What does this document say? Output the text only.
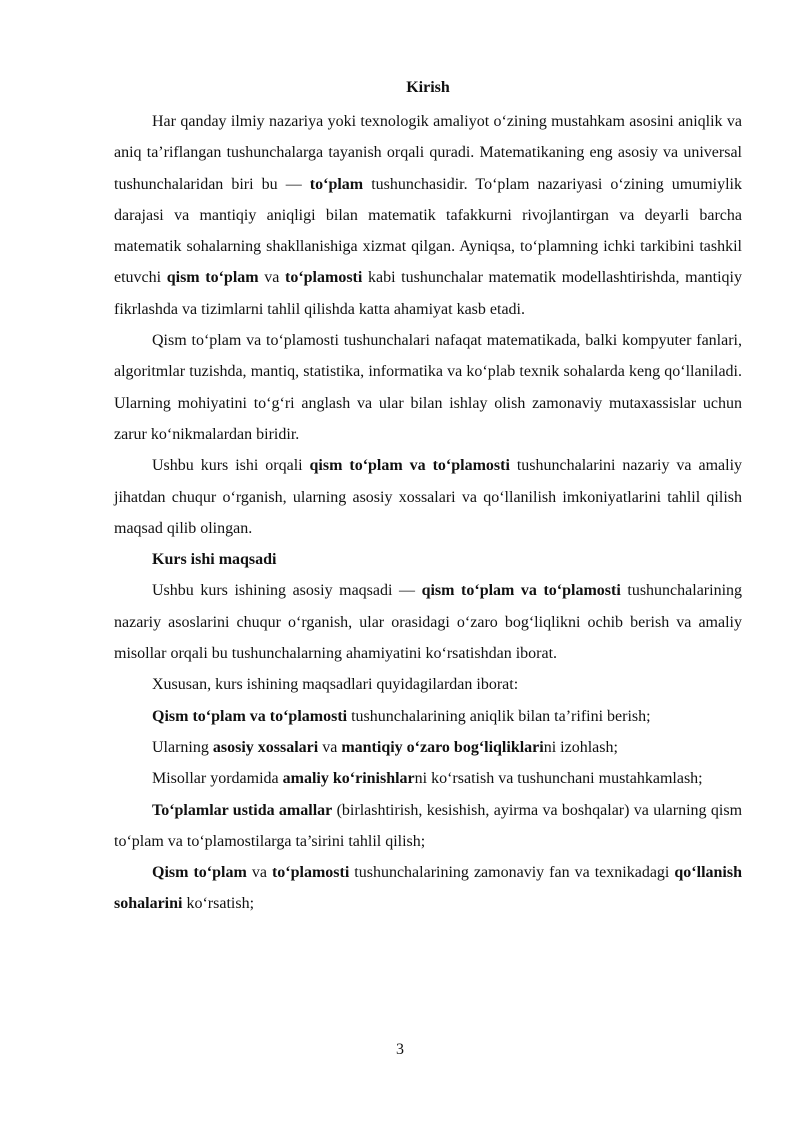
Kirish

Har qanday ilmiy nazariya yoki texnologik amaliyot o‘zining mustahkam asosini aniqlik va aniq ta’riflangan tushunchalarga tayanish orqali quradi. Matematikaning eng asosiy va universal tushunchalaridan biri bu — to‘plam tushunchasidir. To‘plam nazariyasi o‘zining umumiylik darajasi va mantiqiy aniqligi bilan matematik tafakkurni rivojlantirgan va deyarli barcha matematik sohalarning shakllanishiga xizmat qilgan. Ayniqsa, to‘plamning ichki tarkibini tashkil etuvchi qism to‘plam va to‘plamosti kabi tushunchalar matematik modellashtirishda, mantiqiy fikrlashda va tizimlarni tahlil qilishda katta ahamiyat kasb etadi.

Qism to‘plam va to‘plamosti tushunchalari nafaqat matematikada, balki kompyuter fanlari, algoritmlar tuzishda, mantiq, statistika, informatika va ko‘plab texnik sohalarda keng qo‘llaniladi. Ularning mohiyatini to‘g‘ri anglash va ular bilan ishlay olish zamonaviy mutaxassislar uchun zarur ko‘nikmalardan biridir.

Ushbu kurs ishi orqali qism to‘plam va to‘plamosti tushunchalarini nazariy va amaliy jihatdan chuqur o‘rganish, ularning asosiy xossalari va qo‘llanilish imkoniyatlarini tahlil qilish maqsad qilib olingan.

Kurs ishi maqsadi

Ushbu kurs ishining asosiy maqsadi — qism to‘plam va to‘plamosti tushunchalarining nazariy asoslarini chuqur o‘rganish, ular orasidagi o‘zaro bog‘liqlikni ochib berish va amaliy misollar orqali bu tushunchalarning ahamiyatini ko‘rsatishdan iborat.

Xususan, kurs ishining maqsadlari quyidagilardan iborat:

Qism to‘plam va to‘plamosti tushunchalarining aniqlik bilan ta’rifini berish;

Ularning asosiy xossalari va mantiqiy o‘zaro bog‘liqliklarini izohlash;

Misollar yordamida amaliy ko‘rinishlarni ko‘rsatish va tushunchani mustahkamlash;

To‘plamlar ustida amallar (birlashtirish, kesishish, ayirma va boshqalar) va ularning qism to‘plam va to‘plamostilarga ta’sirini tahlil qilish;

Qism to‘plam va to‘plamosti tushunchalarining zamonaviy fan va texnikadagi qo‘llanish sohalarini ko‘rsatish;

3
